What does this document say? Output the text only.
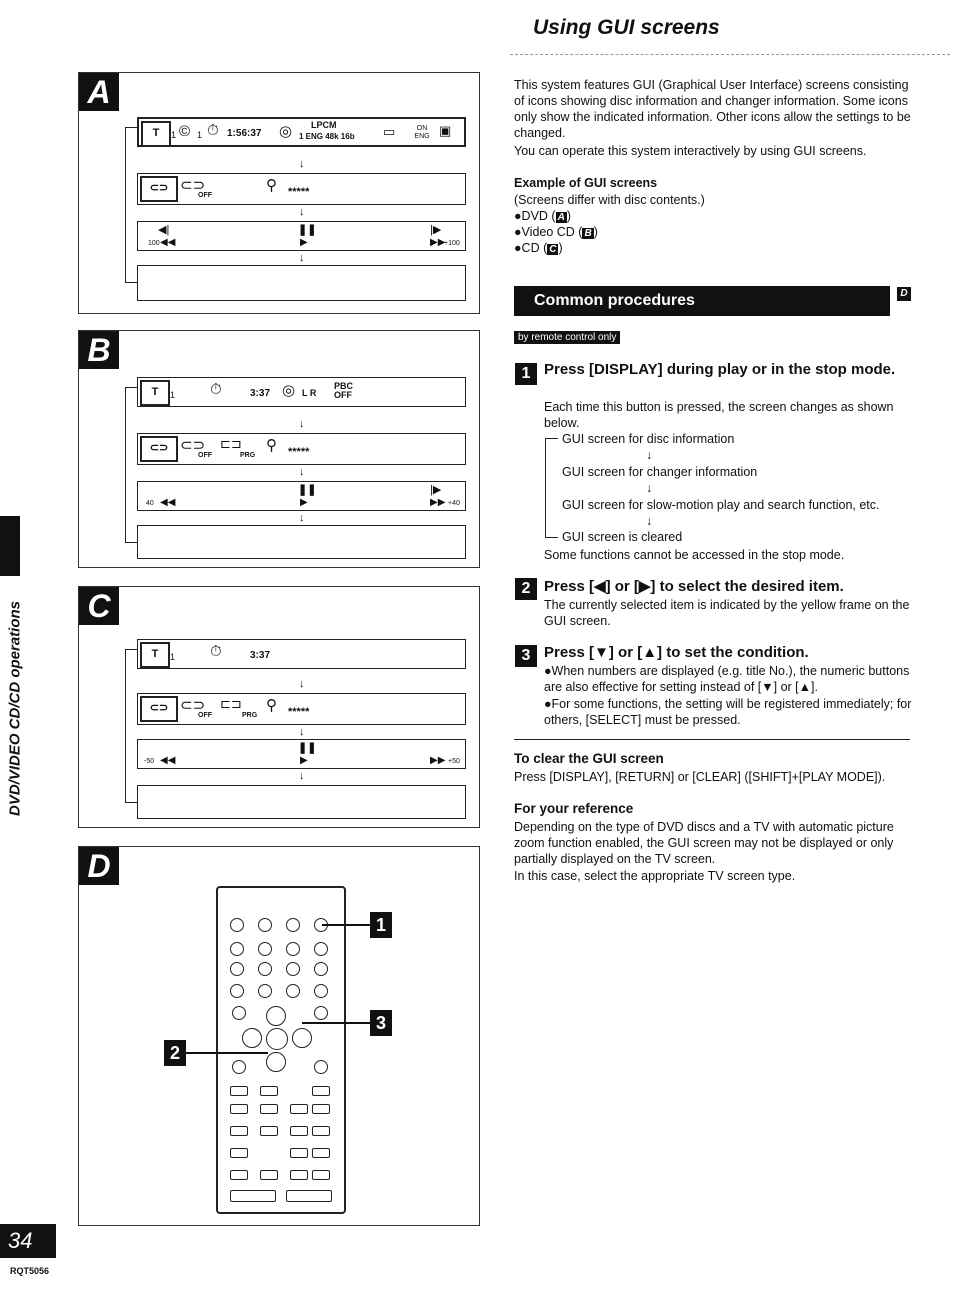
DVD/VIDEO CD/CD operations
A
T	1 © 1 ⏱ 1:56:37 ◎ LPCM
1 ENG 48k 16b ▭	ON ENG ▣
↓
⊂⊃ ⊂⊃
OFF
⚲ *****
↓
◀|
100 ◀◀
❚❚
▶
|▶
▶▶
+100
↓
B
T	1 ⏱	3:37 ◎ L R
PBC OFF
↓
⊂⊃ ⊂⊃
OFF
⊏⊐
PRG
⚲ *****
↓
40 ◀◀
❚❚
▶
|▶
▶▶ +40
↓
C
T	1 ⏱	3:37
↓
⊂⊃ ⊂⊃
OFF
⊏⊐
PRG
⚲ *****
↓
-50 ◀◀
❚❚
▶	▶▶ +50
↓
D
1
3
2
34
RQT5056
Using GUI screens
This system features GUI (Graphical User Interface) screens consisting of icons showing disc information and changer information. Some icons only show the indicated information. Other icons allow the settings to be changed.
You can operate this system interactively by using GUI screens.
Example of GUI screens
(Screens differ with disc contents.)
●DVD ( A )
●Video CD ( B )
●CD ( C )
Common procedures	D
by remote control only
1 Press [DISPLAY] during play or in the stop mode.
Each time this button is pressed, the screen changes as shown below.
GUI screen for disc information
↓
GUI screen for changer information
↓
GUI screen for slow-motion play and search function, etc.
↓
GUI screen is cleared
Some functions cannot be accessed in the stop mode.
2 Press [◀] or [▶] to select the desired item.
The currently selected item is indicated by the yellow frame on the GUI screen.
3 Press [▼] or [▲] to set the condition.
●When numbers are displayed (e.g. title No.), the numeric buttons are also effective for setting instead of [▼] or [▲].
●For some functions, the setting will be registered immediately; for others, [SELECT] must be pressed.
To clear the GUI screen
Press [DISPLAY], [RETURN] or [CLEAR] ([SHIFT]+[PLAY MODE]).
For your reference
Depending on the type of DVD discs and a TV with automatic picture zoom function enabled, the GUI screen may not be displayed or only partially displayed on the TV screen.
In this case, select the appropriate TV screen type.
